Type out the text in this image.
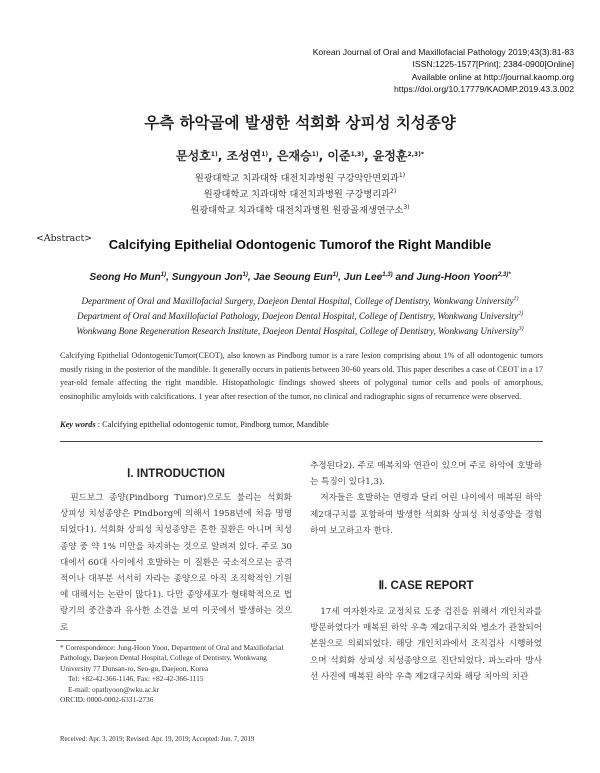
Korean Journal of Oral and Maxillofacial Pathology 2019;43(3):81-83
ISSN:1225-1577[Print]; 2384-0900[Online]
Available online at http://journal.kaomp.org
https://doi.org/10.17779/KAOMP.2019.43.3.002
우측 하악골에 발생한 석회화 상피성 치성종양
문성호$^{1)}$, 조성연$^{1)}$, 은재승$^{1)}$, 이준$^{1,3)}$, 윤정훈$^{2,3)*}$
원광대학교 치과대학 대전치과병원 구강악안면외과$^{1)}$
원광대학교 치과대학 대전치과병원 구강병리과$^{2)}$
원광대학교 치과대학 대전치과병원 원광골재생연구소$^{3)}$
<Abstract>	Calcifying Epithelial Odontogenic Tumorof the Right Mandible
Seong Ho Mun$^{1)}$, Sungyoun Jon$^{1)}$, Jae Seoung Eun$^{1)}$, Jun Lee$^{1,3)}$ and Jung-Hoon Yoon$^{2,3)*}$
Department of Oral and Maxillofacial Surgery, Daejeon Dental Hospital, College of Dentistry, Wonkwang University$^{1)}$
Department of Oral and Maxillofacial Pathology, Daejeon Dental Hospital, College of Dentistry, Wonkwang University$^{2)}$
Wonkwang Bone Regeneration Research Institute, Daejeon Dental Hospital, College of Dentistry, Wonkwang University$^{3)}$

Calcifying Epithelial OdontogenicTumor(CEOT), also known as Pindborg tumor is a rare lesion comprising about 1% of all odontogenic tumors mostly rising in the posterior of the mandible. It generally occurs in patients between 30-60 years old. This paper describes a case of CEOT in a 17 year-old female affecting the right mandible. Histopathologic findings showed sheets of polygonal tumor cells and pools of amorphous, eosinophilic amyloids with calcifications. 1 year after resection of the tumor, no clinical and radiographic signs of recurrence were observed.

Key words : Calcifying epithelial odontogenic tumor, Pindborg tumor, Mandible
Ⅰ. INTRODUCTION

핀드보그 종양(Pindborg Tumor)으로도 불리는 석회화 상피성 치성종양은 Pindborg에 의해서 1958년에 처음 명명되었다1). 석회화 상피성 치성종양은 흔한 질환은 아니며 치성종양 중 약 1% 미만을 차지하는 것으로 알려져 있다. 주로 30대에서 60대 사이에서 호발하는 이 질환은 국소적으로는 공격적이나 대부분 서서히 자라는 종양으로 아직 조직학적인 기원에 대해서는 논란이 많다1). 다만 종양세포가 형태학적으로 법랑기의 중간층과 유사한 소견을 보여 이곳에서 발생하는 것으로

추정된다2). 주로 매복치와 연관이 있으며 주로 하악에 호발하는 특징이 있다1,3).

저자들은 호발하는 연령과 달리 어린 나이에서 매복된 하악 제2대구치를 포함하여 발생한 석회화 상피성 치성종양을 경험하여 보고하고자 한다.

Ⅱ. CASE REPORT

17세 여자환자로 교정치료 도중 검진을 위해서 개인치과를 방문하였다가 매복된 하악 우측 제2대구치와 병소가 관찰되어 본원으로 의뢰되었다. 해당 개인치과에서 조직검사 시행하였으며 석회화 상피성 치성종양으로 진단되었다. 파노라마 방사선 사진에 매복된 하악 우측 제2대구치와 해당 치아의 치관

* Correspondence: Jung-Hoon Yoon, Department of Oral and Maxillofacial Pathology, Daejeon Dental Hospital, College of Dentistry, Wonkwang University 77 Dunsan-ro, Seo-gu, Daejeon, Korea

Tel: +82-42-366-1146, Fax: +82-42-366-1115

E-mail: opathyoon@wku.ac.kr

ORCID: 0000-0002-6331-2736

Received: Apr. 3, 2019; Revised: Apr. 19, 2019; Accepted: Jun. 7, 2019
